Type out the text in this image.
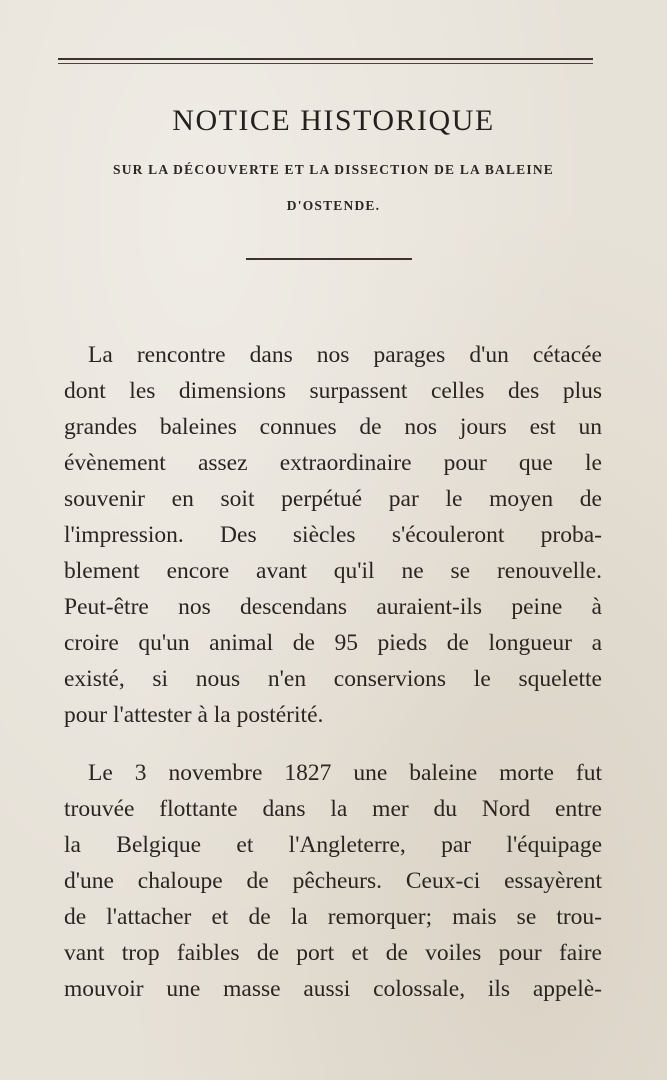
NOTICE HISTORIQUE
SUR LA DÉCOUVERTE ET LA DISSECTION DE LA BALEINE
D'OSTENDE.
La rencontre dans nos parages d'un cétacée
dont les dimensions surpassent celles des plus
grandes baleines connues de nos jours est un
évènement assez extraordinaire pour que le
souvenir en soit perpétué par le moyen de
l'impression. Des siècles s'écouleront proba-
blement encore avant qu'il ne se renouvelle.
Peut-être nos descendans auraient-ils peine à
croire qu'un animal de 95 pieds de longueur a
existé, si nous n'en conservions le squelette
pour l'attester à la postérité.
Le 3 novembre 1827 une baleine morte fut
trouvée flottante dans la mer du Nord entre
la Belgique et l'Angleterre, par l'équipage
d'une chaloupe de pêcheurs. Ceux-ci essayèrent
de l'attacher et de la remorquer; mais se trou-
vant trop faibles de port et de voiles pour faire
mouvoir une masse aussi colossale, ils appelè-
